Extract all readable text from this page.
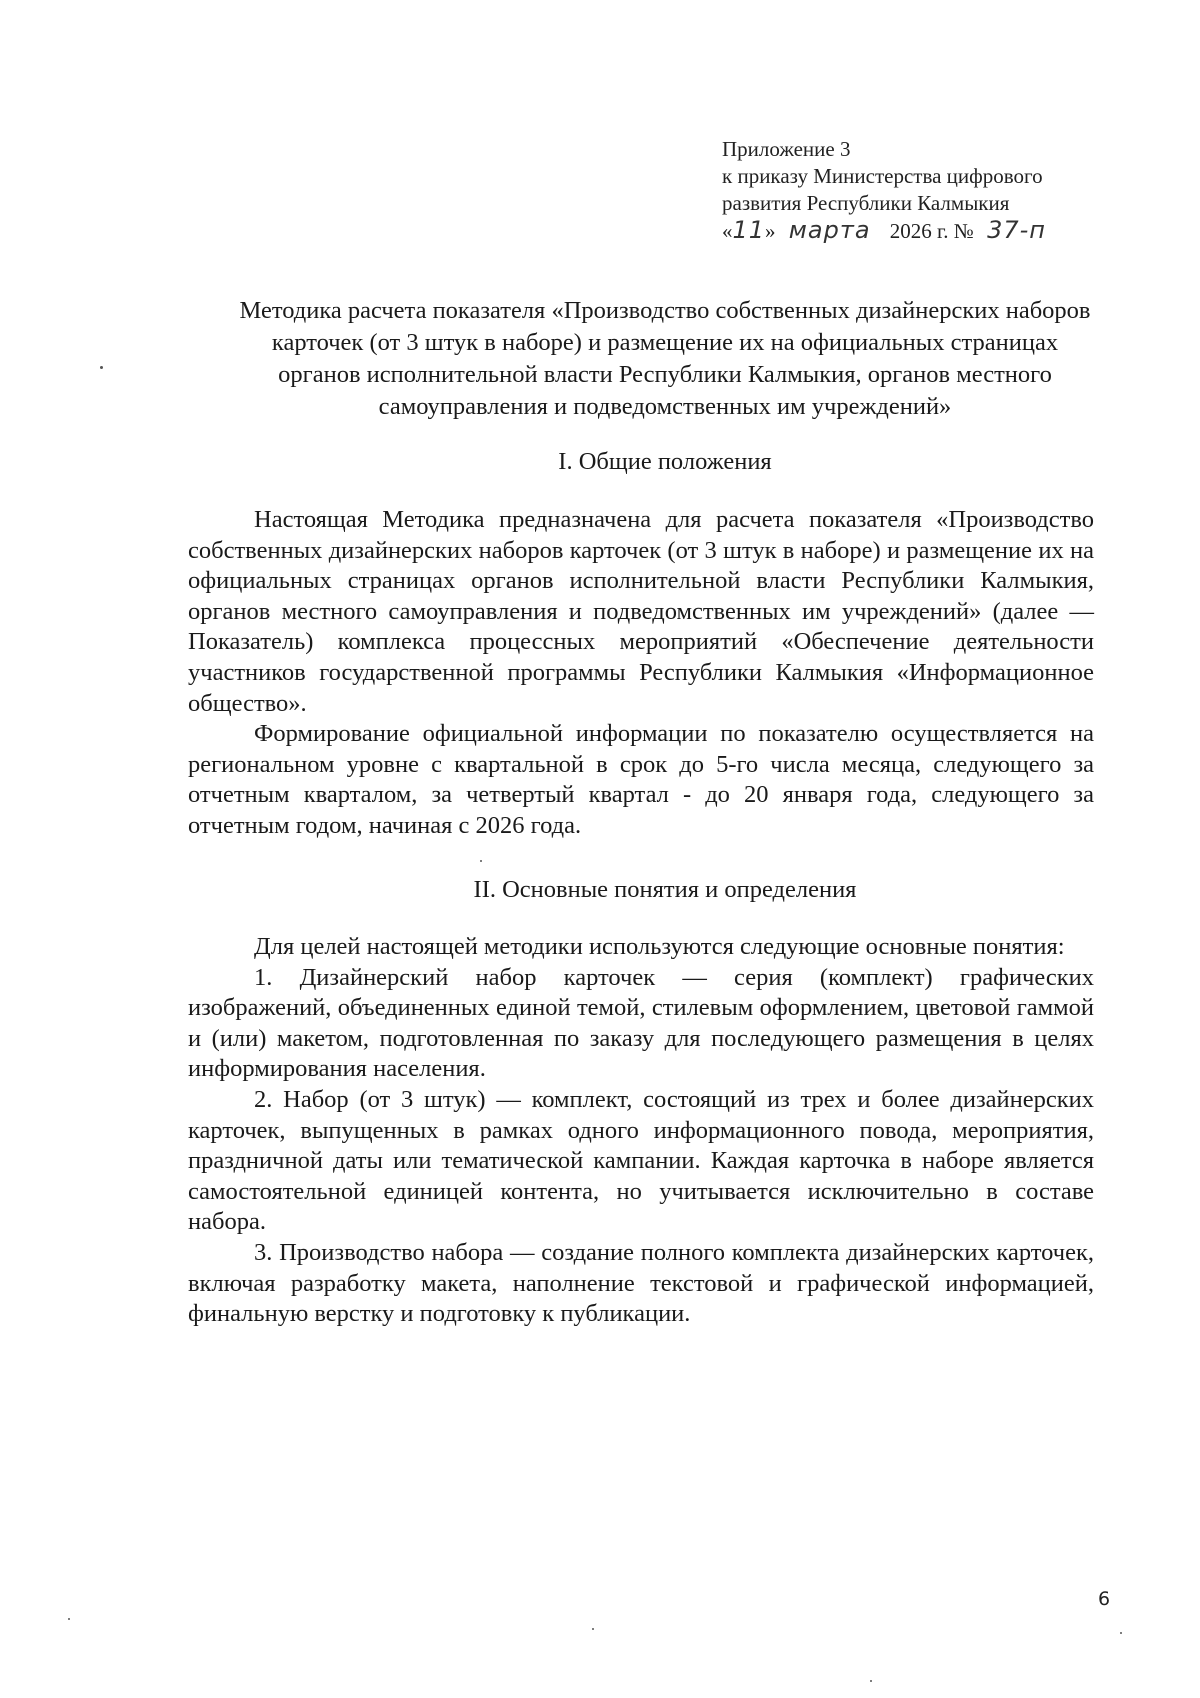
Приложение 3
к приказу Министерства цифрового
развития Республики Калмыкия
«11» марта 2026 г. № 37-п
Методика расчета показателя «Производство собственных дизайнерских наборов карточек (от 3 штук в наборе) и размещение их на официальных страницах органов исполнительной власти Республики Калмыкия, органов местного самоуправления и подведомственных им учреждений»
I. Общие положения

Настоящая Методика предназначена для расчета показателя «Производство собственных дизайнерских наборов карточек (от 3 штук в наборе) и размещение их на официальных страницах органов исполнительной власти Республики Калмыкия, органов местного самоуправления и подведомственных им учреждений» (далее — Показатель) комплекса процессных мероприятий «Обеспечение деятельности участников государственной программы Республики Калмыкия «Информационное общество».

Формирование официальной информации по показателю осуществляется на региональном уровне с квартальной в срок до 5-го числа месяца, следующего за отчетным кварталом, за четвертый квартал - до 20 января года, следующего за отчетным годом, начиная с 2026 года.

II. Основные понятия и определения

Для целей настоящей методики используются следующие основные понятия:

1. Дизайнерский набор карточек — серия (комплект) графических изображений, объединенных единой темой, стилевым оформлением, цветовой гаммой и (или) макетом, подготовленная по заказу для последующего размещения в целях информирования населения.

2. Набор (от 3 штук) — комплект, состоящий из трех и более дизайнерских карточек, выпущенных в рамках одного информационного повода, мероприятия, праздничной даты или тематической кампании. Каждая карточка в наборе является самостоятельной единицей контента, но учитывается исключительно в составе набора.

3. Производство набора — создание полного комплекта дизайнерских карточек, включая разработку макета, наполнение текстовой и графической информацией, финальную верстку и подготовку к публикации.

6
